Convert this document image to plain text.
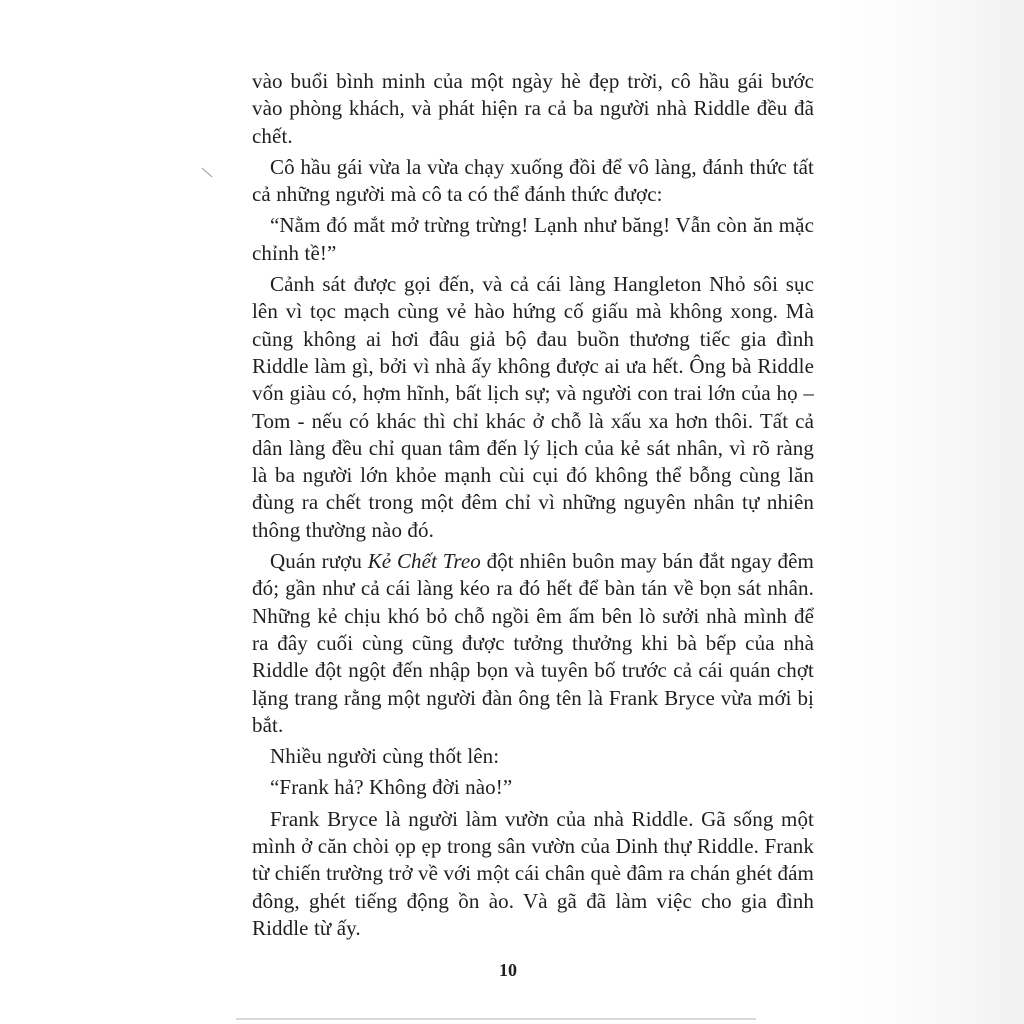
vào buổi bình minh của một ngày hè đẹp trời, cô hầu gái bước vào phòng khách, và phát hiện ra cả ba người nhà Riddle đều đã chết.

Cô hầu gái vừa la vừa chạy xuống đồi để vô làng, đánh thức tất cả những người mà cô ta có thể đánh thức được:

“Nằm đó mắt mở trừng trừng! Lạnh như băng! Vẫn còn ăn mặc chỉnh tề!”

Cảnh sát được gọi đến, và cả cái làng Hangleton Nhỏ sôi sục lên vì tọc mạch cùng vẻ hào hứng cố giấu mà không xong. Mà cũng không ai hơi đâu giả bộ đau buồn thương tiếc gia đình Riddle làm gì, bởi vì nhà ấy không được ai ưa hết. Ông bà Riddle vốn giàu có, hợm hĩnh, bất lịch sự; và người con trai lớn của họ – Tom - nếu có khác thì chỉ khác ở chỗ là xấu xa hơn thôi. Tất cả dân làng đều chỉ quan tâm đến lý lịch của kẻ sát nhân, vì rõ ràng là ba người lớn khỏe mạnh cùi cụi đó không thể bỗng cùng lăn đùng ra chết trong một đêm chỉ vì những nguyên nhân tự nhiên thông thường nào đó.

Quán rượu Kẻ Chết Treo đột nhiên buôn may bán đắt ngay đêm đó; gần như cả cái làng kéo ra đó hết để bàn tán về bọn sát nhân. Những kẻ chịu khó bỏ chỗ ngồi êm ấm bên lò sưởi nhà mình để ra đây cuối cùng cũng được tưởng thưởng khi bà bếp của nhà Riddle đột ngột đến nhập bọn và tuyên bố trước cả cái quán chợt lặng trang rằng một người đàn ông tên là Frank Bryce vừa mới bị bắt.

Nhiều người cùng thốt lên:

“Frank hả? Không đời nào!”

Frank Bryce là người làm vườn của nhà Riddle. Gã sống một mình ở căn chòi ọp ẹp trong sân vườn của Dinh thự Riddle. Frank từ chiến trường trở về với một cái chân què đâm ra chán ghét đám đông, ghét tiếng động ồn ào. Và gã đã làm việc cho gia đình Riddle từ ấy.

10
